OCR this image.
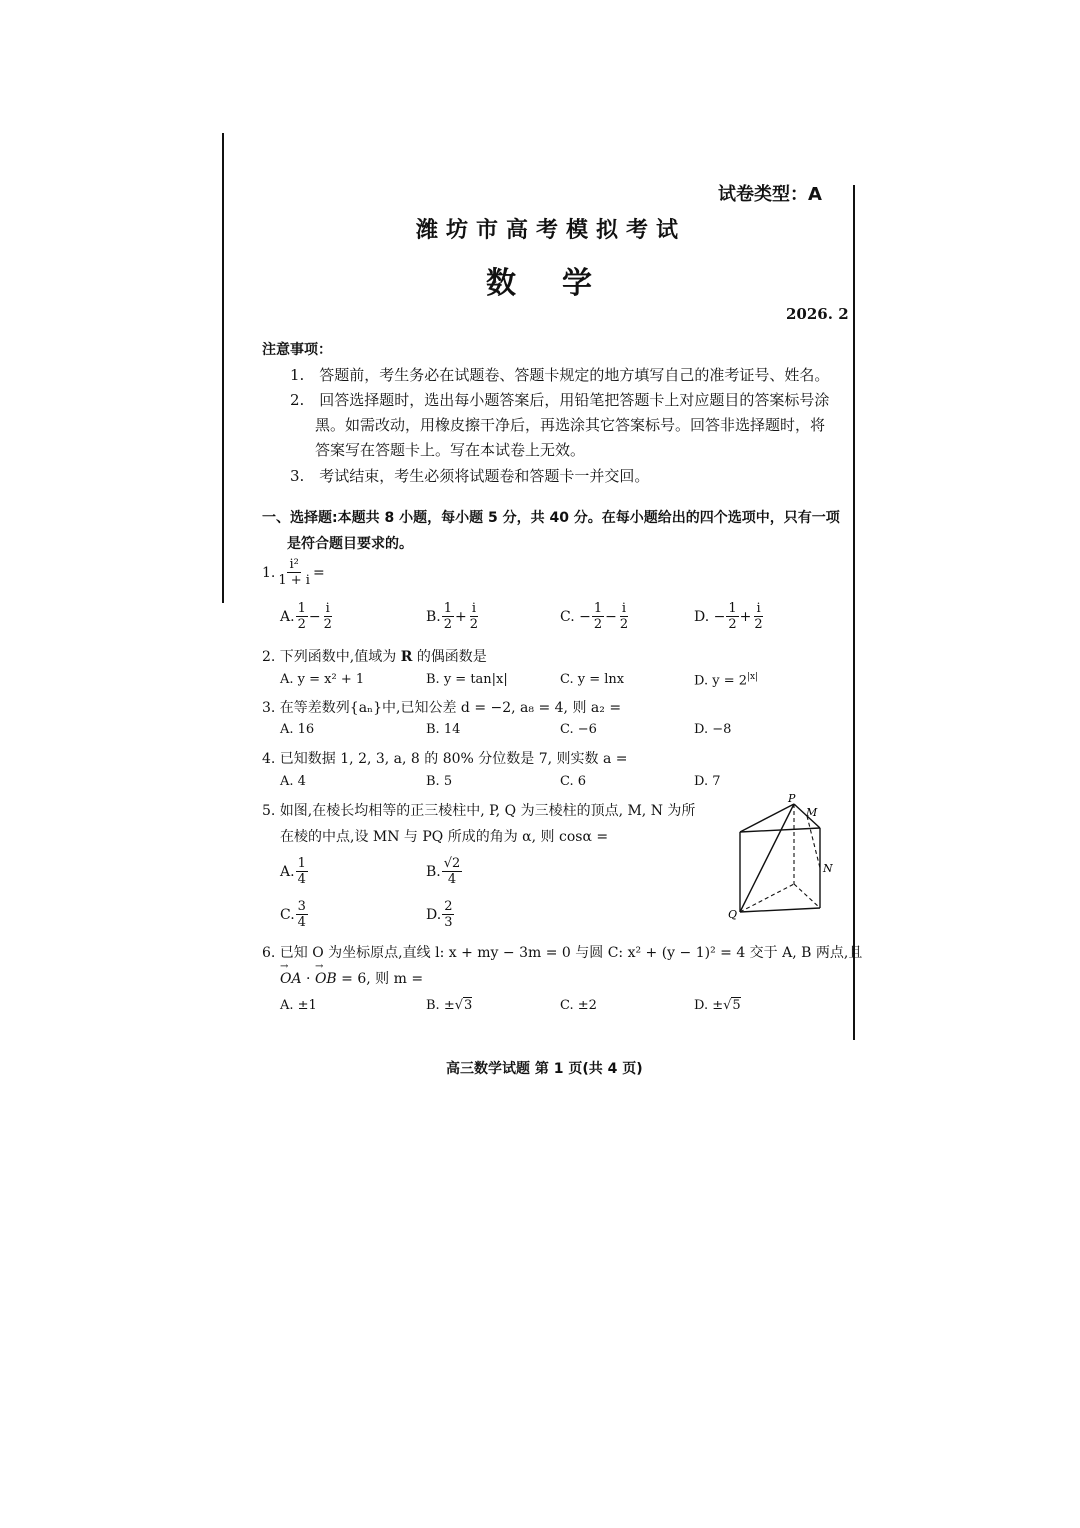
试卷类型：A
潍坊市高考模拟考试
数　学
2026. 2
注意事项：
1.　答题前，考生务必在试题卷、答题卡规定的地方填写自己的准考证号、姓名。
2.　回答选择题时，选出每小题答案后，用铅笔把答题卡上对应题目的答案标号涂
黑。如需改动，用橡皮擦干净后，再选涂其它答案标号。回答非选择题时，将
答案写在答题卡上。写在本试卷上无效。
3.　考试结束，考生必须将试题卷和答题卡一并交回。
一、选择题:本题共 8 小题，每小题 5 分，共 40 分。在每小题给出的四个选项中，只有一项
是符合题目要求的。
1. $\frac{\text{i²}}{1 + i}$ =
A. $\frac{1}{2} - \frac{i}{2}$	B. $\frac{1}{2} + \frac{i}{2}$	C.
− $\frac{1}{2} - \frac{i}{2}$	D.
− $\frac{1}{2} + \frac{i}{2}$
2. 下列函数中,值域为 R 的偶函数是
A. y = x² + 1	B. y = tan|x|	C. y = lnx	D. $y = 2^{|x|}$
3. 在等差数列{aₙ}中,已知公差 d = −2, a₈ = 4, 则 a₂ =
A. 16	B. 14	C. −6	D. −8
4. 已知数据 1, 2, 3, a, 8 的 80% 分位数是 7, 则实数 a =
A. 4	B. 5	C. 6	D. 7
5. 如图,在棱长均相等的正三棱柱中, P, Q 为三棱柱的顶点, M, N 为所
在棱的中点,设 MN 与 PQ 所成的角为 α, 则 cosα =
A. $\frac{1}{4}$	B. $\frac{√2}{4}$
C. $\frac{3}{4}$	D. $\frac{2}{3}$
P
M
N
Q
6. 已知 O 为坐标原点,直线 l: x + my − 3m = 0 与圆 C: x² + (y − 1)² = 4 交于 A, B 两点,且
→ OA · → OB = 6, 则 m =
A. ±1	B. ±√3	C. ±2	D. ±√5
高三数学试题 第 1 页(共 4 页)
